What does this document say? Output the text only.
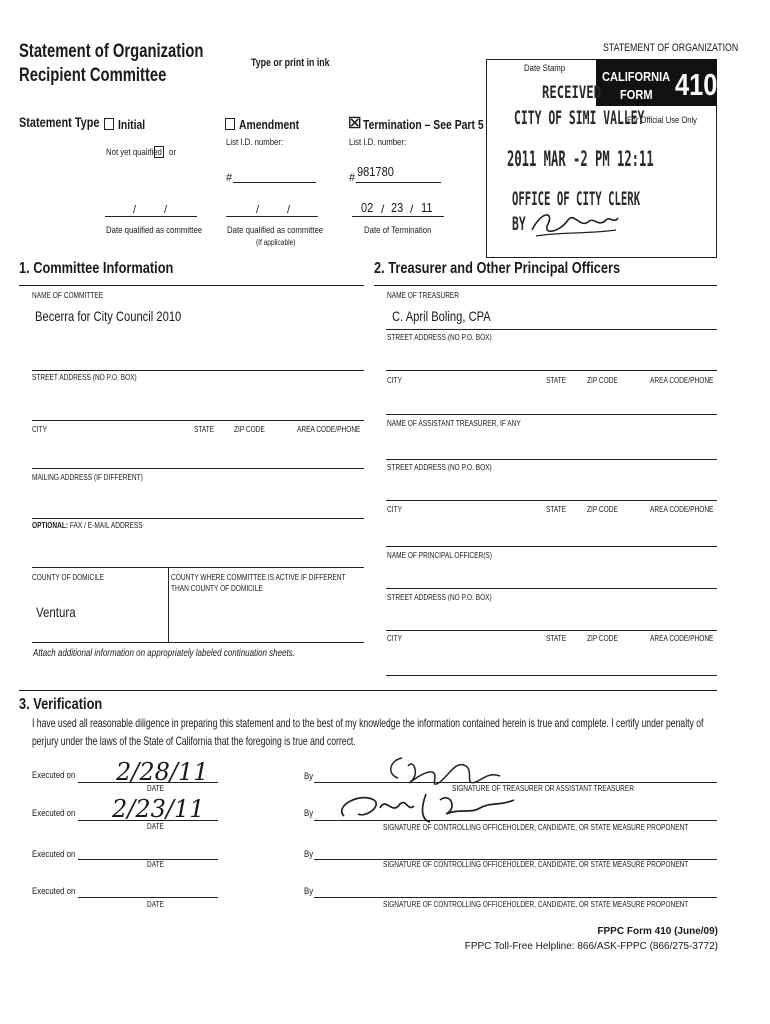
Statement of Organization
Recipient Committee
Type or print in ink
STATEMENT OF ORGANIZATION
Date Stamp
CALIFORNIA
FORM 410
For Official Use Only
RECEIVED
CITY OF SIMI VALLEY
2011 MAR -2 PM 12:11
OFFICE OF CITY CLERK
BY
Statement Type Initial
Not yet qualified or
/	/
Date qualified as committee
Amendment
List I.D. number:
#
/	/
Date qualified as committee
(If applicable)
☒ Termination – See Part 5
List I.D. number:
# 981780
02 / 23 / 11
Date of Termination
1. Committee Information
NAME OF COMMITTEE
Becerra for City Council 2010
STREET ADDRESS (NO P.O. BOX)
CITY	STATE ZIP CODE	AREA CODE/PHONE
MAILING ADDRESS (IF DIFFERENT)
OPTIONAL: FAX / E-MAIL ADDRESS
COUNTY OF DOMICILE	COUNTY WHERE COMMITTEE IS ACTIVE IF DIFFERENT
THAN COUNTY OF DOMICILE
Ventura
Attach additional information on appropriately labeled continuation sheets.
2. Treasurer and Other Principal Officers
NAME OF TREASURER
C. April Boling, CPA
STREET ADDRESS (NO P.O. BOX)
CITY	STATE	ZIP CODE	AREA CODE/PHONE
NAME OF ASSISTANT TREASURER, IF ANY
STREET ADDRESS (NO P.O. BOX)
CITY	STATE	ZIP CODE	AREA CODE/PHONE
NAME OF PRINCIPAL OFFICER(S)
STREET ADDRESS (NO P.O. BOX)
CITY	STATE	ZIP CODE	AREA CODE/PHONE
3. Verification
I have used all reasonable diligence in preparing this statement and to the best of my knowledge the information contained herein is true and complete. I certify under penalty of
perjury under the laws of the State of California that the foregoing is true and correct.
Executed on 2/28/11
DATE
By
SIGNATURE OF TREASURER OR ASSISTANT TREASURER
Executed on 2/23/11
DATE
By
SIGNATURE OF CONTROLLING OFFICEHOLDER, CANDIDATE, OR STATE MEASURE PROPONENT
Executed on
DATE
By
SIGNATURE OF CONTROLLING OFFICEHOLDER, CANDIDATE, OR STATE MEASURE PROPONENT
Executed on
DATE
By
SIGNATURE OF CONTROLLING OFFICEHOLDER, CANDIDATE, OR STATE MEASURE PROPONENT
FPPC Form 410 (June/09)
FPPC Toll-Free Helpline: 866/ASK-FPPC (866/275-3772)
